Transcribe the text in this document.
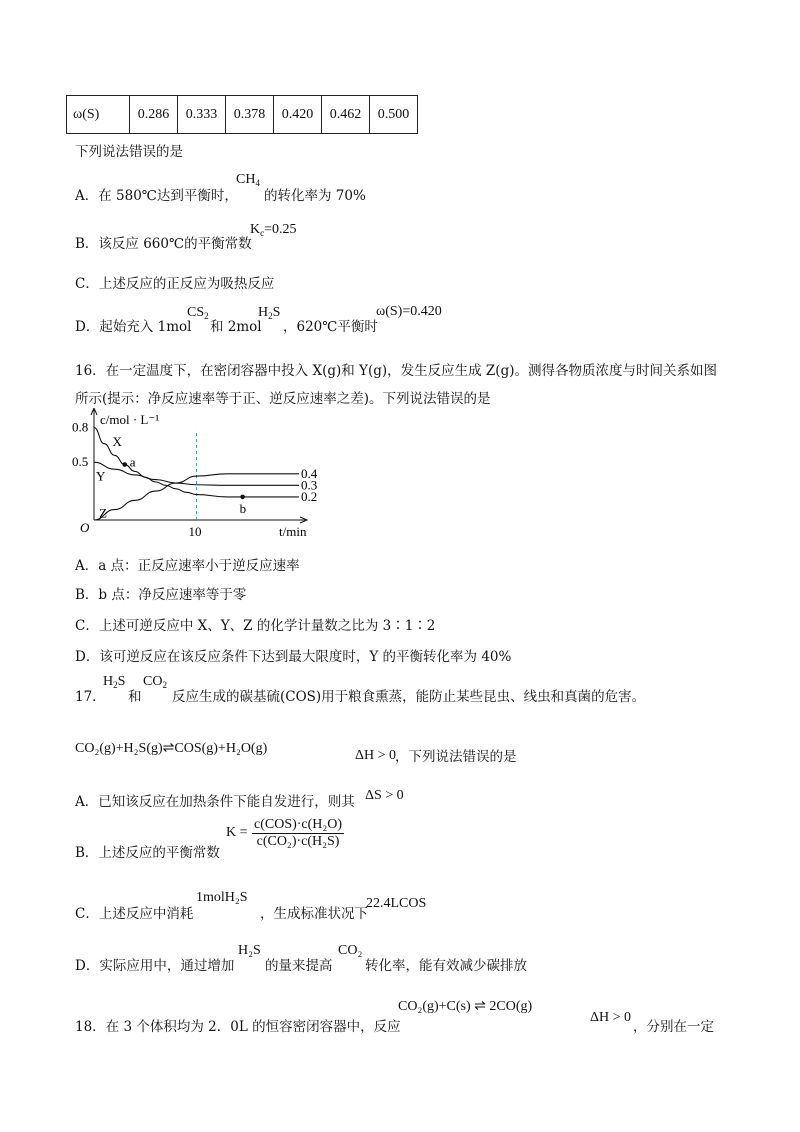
ω(S)	0.286	0.333	0.378	0.420	0.462	0.500
下列说法错误的是
A．在 580℃达到平衡时，
$CH_4$
的转化率为 70%
B．该反应 660℃的平衡常数
$K_c=0.25$
C．上述反应的正反应为吸热反应
D．起始充入 1mol
$CS_2$
和 2mol
$H_2S$
，620℃平衡时
ω(S)=0.420
16．在一定温度下，在密闭容器中投入 X(g)和 Y(g)，发生反应生成 Z(g)。测得各物质浓度与时间关系如图
所示(提示：净反应速率等于正、逆反应速率之差)。下列说法错误的是
c/mol · L⁻¹
t/min
O
0.8
0.5
10
X
Y
Z
0.4
0.3
0.2
a
b
A．a 点：正反应速率小于逆反应速率
B．b 点：净反应速率等于零
C．上述可逆反应中 X、Y、Z 的化学计量数之比为 3∶1∶2
D．该可逆反应在该反应条件下达到最大限度时，Y 的平衡转化率为 40%
17．
$H_2S$
和
$CO_2$
反应生成的碳基硫(COS)用于粮食熏蒸，能防止某些昆虫、线虫和真菌的危害。
CO₂(g)+H₂S(g)⇌COS(g)+H₂O(g)	ΔH > 0
，下列说法错误的是
A．已知该反应在加热条件下能自发进行，则其 ΔS > 0
B．上述反应的平衡常数
$K = \frac{\text{c(COS)·c(H₂O)}}{\text{c(CO₂)·c(H₂S)}}$
C．上述反应中消耗
1molH₂S
，生成标准状况下
22.4LCOS
D．实际应用中，通过增加
H₂S
的量来提高
CO₂
转化率，能有效减少碳排放
18．在 3 个体积均为 2．0L 的恒容密闭容器中，反应
CO₂(g)+C(s) ⇌ 2CO(g)
ΔH > 0
，分别在一定
